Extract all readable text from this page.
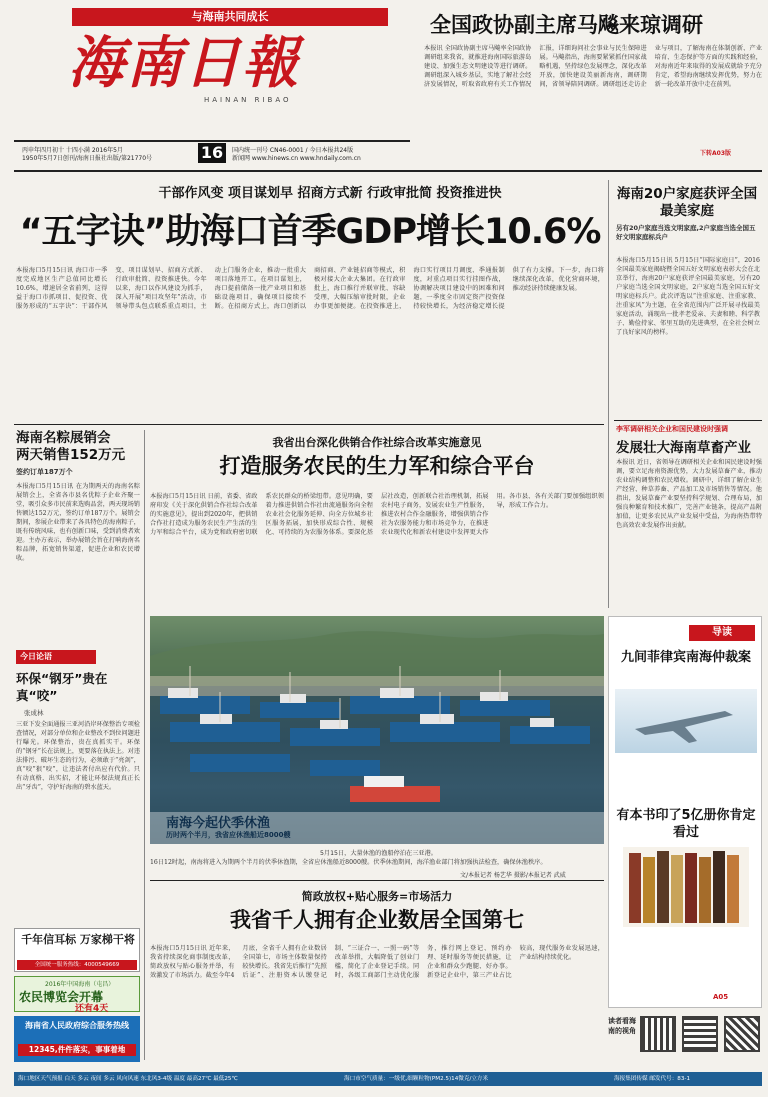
与海南共同成长
海南日報
HAINAN RIBAO
丙申年四月初十 十四小满 2016年5月
1950年5月7日创刊/海南日报社出版/第21770号	16	国内统一刊号 CN46-0001 / 今日本报共24版
新闻网 www.hinews.cn www.hndaily.com.cn
全国政协副主席马飚来琼调研
本报讯 全国政协副主席马飚率全国政协调研组来我省，就推进海南国际旅游岛建设、加强生态文明建设等进行调研。调研组深入城乡基层，实地了解社会经济发展情况，听取省政府有关工作情况汇报，详细询问社会事业与民生保障进展。马飚指出，海南要紧紧抓住国家战略机遇，坚持绿色发展理念，深化改革开放，加快建设美丽新海南，调研期间，省领导陪同调研。调研组还走访企业与项目，了解海南在体制创新、产业培育、生态保护等方面的实践和经验，对海南近年来取得的发展成就给予充分肯定，希望海南继续发挥优势，努力在新一轮改革开放中走在前列。
下转A03版
干部作风变 项目谋划早 招商方式新 行政审批简 投资推进快
“五字诀”助海口首季GDP增长10.6%
本报海口5月15日讯 海口市一季度完成地区生产总值同比增长10.6%，增速居全省前列，这得益于海口市抓项目、促投资、优服务形成的“五字诀”：干部作风变、项目谋划早、招商方式新、行政审批简、投资推进快。今年以来，海口以作风建设为抓手，深入开展“项目攻坚年”活动，市领导带头包点联系重点项目，主动上门服务企业，推动一批重大项目落地开工。在项目谋划上，海口提前储备一批产业项目和基础设施项目，确保项目接续不断。在招商方式上，海口创新以商招商、产业链招商等模式，积极对接大企业大集团。在行政审批上，海口推行并联审批、容缺受理，大幅压缩审批时限，企业办事更加便捷。在投资推进上，海口实行项目月调度、季通报制度，对重点项目实行挂图作战，协调解决项目建设中的困难和问题，一季度全市固定资产投资保持较快增长，为经济稳定增长提供了有力支撑。下一步，海口将继续深化改革，优化营商环境，推动经济持续健康发展。
海南20户家庭获评全国最美家庭
另有20户家庭当选文明家庭,2户家庭当选全国五好文明家庭标兵户
本报海口5月15日讯 5月15日“国际家庭日”，2016全国最美家庭揭晓暨全国五好文明家庭表彰大会在北京举行，海南20户家庭获评全国最美家庭，另有20户家庭当选全国文明家庭，2户家庭当选全国五好文明家庭标兵户。此次评选以“注重家庭、注重家教、注重家风”为主题，在全省范围内广泛开展寻找最美家庭活动，涌现出一批孝老爱亲、夫妻和睦、科学教子、勤俭持家、邻里互助的先进典型，在全社会树立了良好家风的榜样。
李军调研相关企业和国民建设时强调
发展壮大海南草畜产业
本报讯 近日，省领导在调研相关企业和国民建设时强调，要立足海南资源优势，大力发展草畜产业，推动农业结构调整和农民增收。调研中，详细了解企业生产经营、种草养畜、产品加工及市场销售等情况。他指出，发展草畜产业要坚持科学规划、合理布局，加强良种繁育和技术推广，完善产业链条，提高产品附加值，让更多农民从产业发展中受益，为海南热带特色高效农业发展作出贡献。
海南名粽展销会
两天销售152万元
签约订单187万个
本报海口5月15日讯 在为期两天的海南名粽展销会上，全省各市县名优粽子企业齐聚一堂，吸引众多市民前来选购品尝，两天现场销售额达152万元，签约订单187万个。展销会期间，参展企业带来了各具特色的海南粽子，既有传统风味，也有创新口味，受到消费者欢迎。主办方表示，举办展销会旨在打响海南名粽品牌，拓宽销售渠道，促进企业和农民增收。
今日论语
环保“钢牙”贵在真“咬”
张成林
三亚下发全面通报三亚河沿岸环保整治专项检查情况，对部分单位和企业整改不到位问题进行曝光。环保整治，贵在真抓实干。环保的“钢牙”长在法规上，更要落在执法上。对违法排污、破坏生态的行为，必须敢于“亮剑”，真“咬”狠“咬”，让违法者付出应有代价。只有动真格、出实招，才能让环保法规真正长出“牙齿”，守护好海南的碧水蓝天。
千年信耳标 万家梯干将
全国统一服务热线：4000549669
2016年中国海南（屯昌）
农民博览会开幕
还有4天
海南省人民政府综合服务热线
12345,件件落实，事事着地
我省出台深化供销合作社综合改革实施意见
打造服务农民的生力军和综合平台
本报海口5月15日讯 日前，省委、省政府印发《关于深化供销合作社综合改革的实施意见》，提出到2020年，把供销合作社打造成为服务农民生产生活的生力军和综合平台，成为党和政府密切联系农民群众的桥梁纽带。意见明确，要着力推进供销合作社由流通服务向全程农业社会化服务延伸、向全方位城乡社区服务拓展，加快形成综合性、规模化、可持续的为农服务体系。要深化基层社改造，创新联合社治理机制，拓展农村电子商务，发展农业生产性服务，推进农村合作金融服务，增强供销合作社为农服务能力和市场竞争力，在推进农业现代化和新农村建设中发挥更大作用。各市县、各有关部门要加强组织领导，形成工作合力。
南海今起伏季休渔
历时两个半月，我省应休渔船近8000艘
5月15日，大量休渔的渔船停泊在三亚港。
16日12时起，南海将进入为期两个半月的伏季休渔期，全省应休渔船近8000艘。伏季休渔期间，海洋渔业部门将加强执法检查，确保休渔秩序。
文/本报记者 杨艺华 摄影/本报记者 武威
导读
九间菲律宾南海仲裁案
有本书印了5亿册你肯定看过
A05
简政放权+贴心服务=市场活力
我省千人拥有企业数居全国第七
本报海口5月15日讯 近年来，我省持续深化商事制度改革，简政放权与贴心服务并举，有效激发了市场活力。截至今年4月底，全省千人拥有企业数居全国第七，市场主体数量保持较快增长。我省先后推行“先照后证”、注册资本认缴登记制、“三证合一、一照一码”等改革举措，大幅降低了创业门槛，简化了企业登记手续。同时，各级工商部门主动优化服务，推行网上登记、预约办理、延时服务等便民措施，让企业和群众少跑腿、好办事。新登记企业中，第三产业占比较高，现代服务业发展迅速，产业结构持续优化。
读者看海南的视角
海口地区天气预报 白天 多云 夜间 多云 风向风速 东北风3-4级 温度 最高27℃ 最低25℃	海口市空气质量：一级优,细颗粒物(PM2.5)14微克/立方米	海报集团传媒 邮发代号：83-1
